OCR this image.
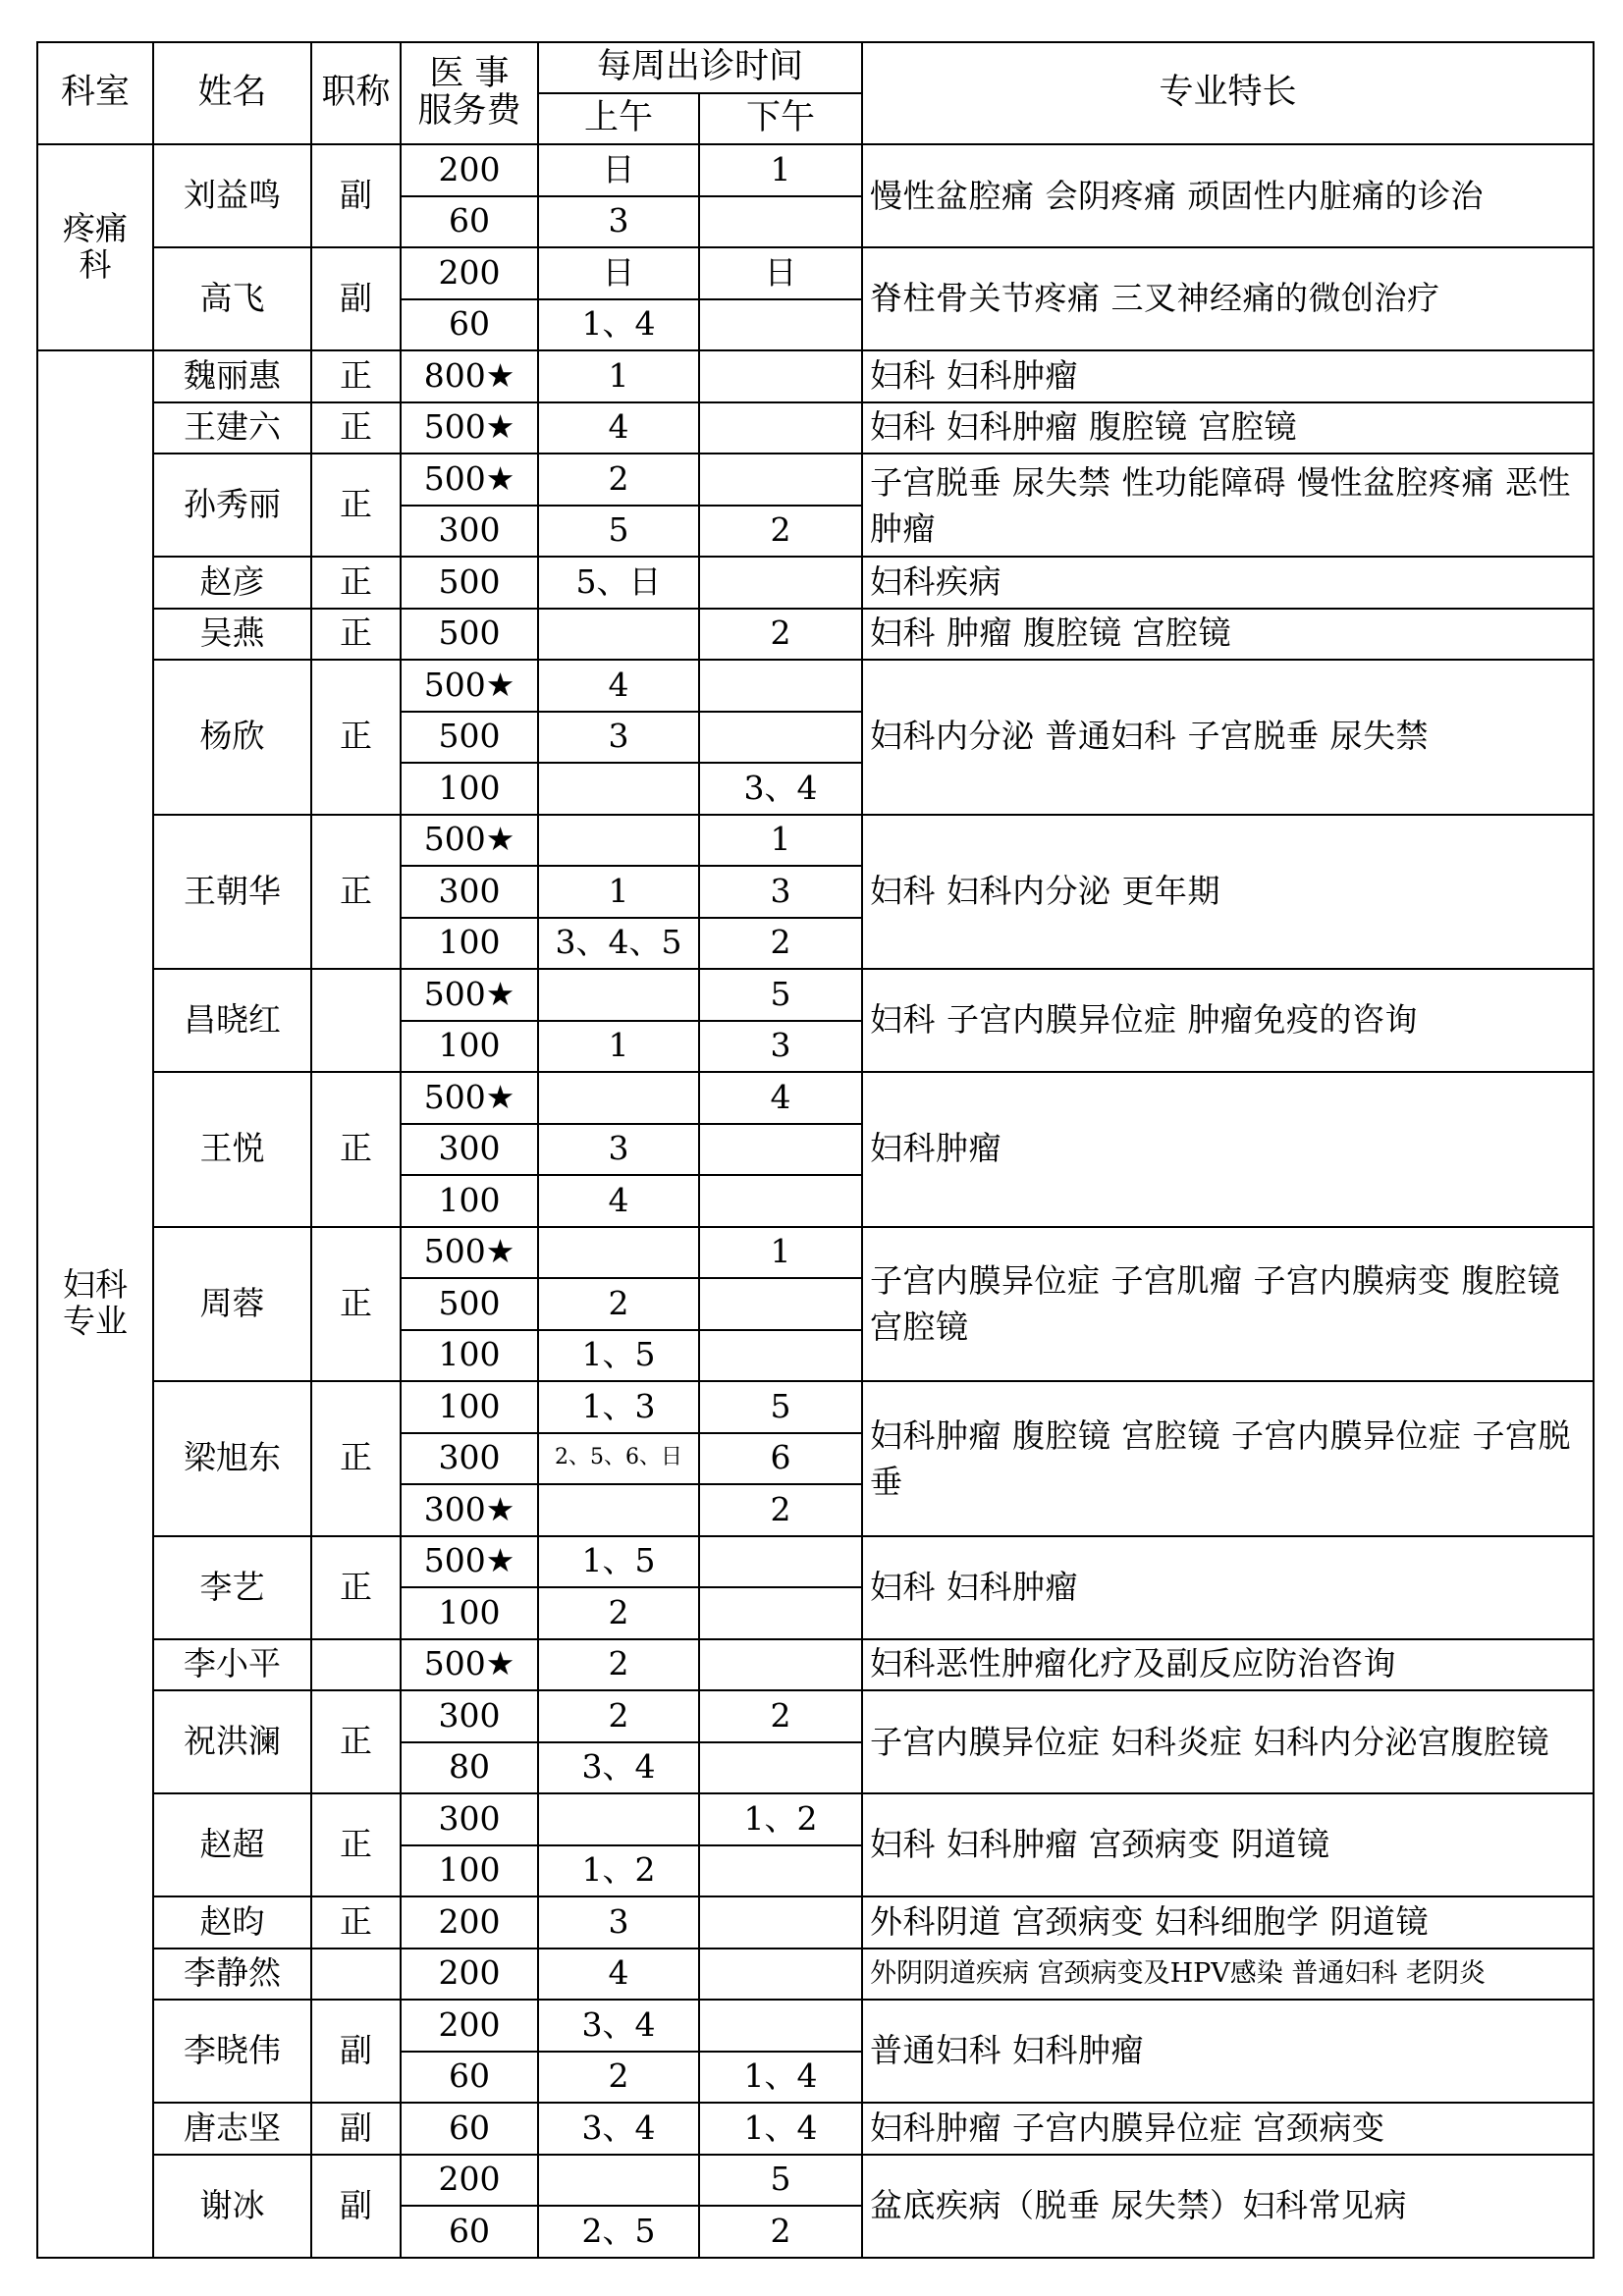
科室	姓名	职称	医 事
服务费	每周出诊时间		专业特长
				上午	下午	
疼痛科	刘益鸣	副	200	日	1	慢性盆腔痛 会阴疼痛 顽固性内脏痛的诊治
			60	3		
	高飞	副	200	日	日	脊柱骨关节疼痛 三叉神经痛的微创治疗
			60	1、4		
妇科专业	魏丽惠	正	800★	1		妇科 妇科肿瘤
	王建六	正	500★	4		妇科 妇科肿瘤 腹腔镜 宫腔镜
	孙秀丽	正	500★	2		子宫脱垂 尿失禁 性功能障碍 慢性盆腔疼痛 恶性肿瘤
			300	5	2	
	赵彦	正	500	5、日		妇科疾病
	吴燕	正	500		2	妇科 肿瘤 腹腔镜 宫腔镜
	杨欣	正	500★	4		妇科内分泌 普通妇科 子宫脱垂 尿失禁
			500	3		
			100		3、4	
	王朝华	正	500★		1	妇科 妇科内分泌 更年期
			300	1	3	
			100	3、4、5	2	
	昌晓红		500★		5	妇科 子宫内膜异位症 肿瘤免疫的咨询
			100	1	3	
	王悦	正	500★		4	妇科肿瘤
			300	3		
			100	4		
	周蓉	正	500★		1	子宫内膜异位症 子宫肌瘤 子宫内膜病变 腹腔镜 宫腔镜
			500	2		
			100	1、5		
	梁旭东	正	100	1、3	5	妇科肿瘤 腹腔镜 宫腔镜 子宫内膜异位症 子宫脱垂
			300	2、5、6、日	6	
			300★		2	
	李艺	正	500★	1、5		妇科 妇科肿瘤
			100	2		
	李小平		500★	2		妇科恶性肿瘤化疗及副反应防治咨询
	祝洪澜	正	300	2	2	子宫内膜异位症 妇科炎症 妇科内分泌宫腹腔镜
			80	3、4		
	赵超	正	300		1、2	妇科 妇科肿瘤 宫颈病变 阴道镜
			100	1、2		
	赵昀	正	200	3		外科阴道 宫颈病变 妇科细胞学 阴道镜
	李静然		200	4		外阴阴道疾病 宫颈病变及HPV感染 普通妇科 老阴炎
	李晓伟	副	200	3、4		普通妇科 妇科肿瘤
			60	2	1、4	
	唐志坚	副	60	3、4	1、4	妇科肿瘤 子宫内膜异位症 宫颈病变
	谢冰	副	200		5	盆底疾病（脱垂 尿失禁）妇科常见病
			60	2、5	2	
